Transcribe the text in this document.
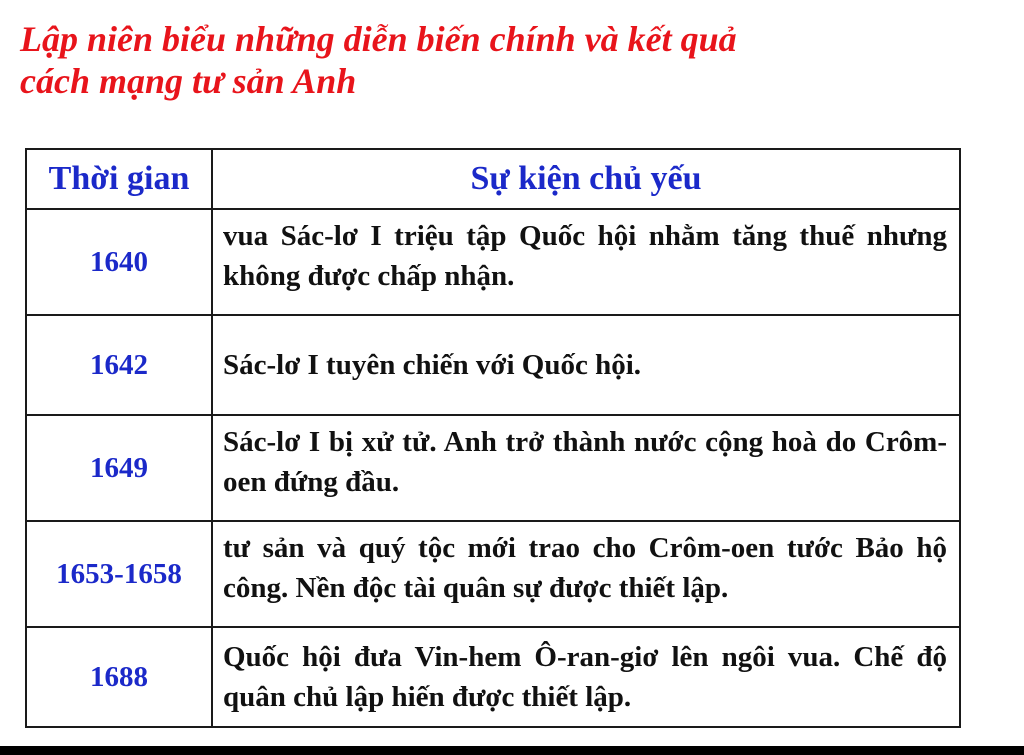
Lập niên biểu những diễn biến chính và kết quả
cách mạng tư sản Anh
Thời gian	Sự kiện chủ yếu
1640	vua Sác-lơ I triệu tập Quốc hội nhằm tăng thuế nhưng không được chấp nhận.
1642	Sác-lơ I tuyên chiến với Quốc hội.
1649	Sác-lơ I bị xử tử. Anh trở thành nước cộng hoà do Crôm-oen đứng đầu.
1653-1658	tư sản và quý tộc mới trao cho Crôm-oen tước Bảo hộ công. Nền độc tài quân sự được thiết lập.
1688	Quốc hội đưa Vin-hem Ô-ran-giơ lên ngôi vua. Chế độ quân chủ lập hiến được thiết lập.
